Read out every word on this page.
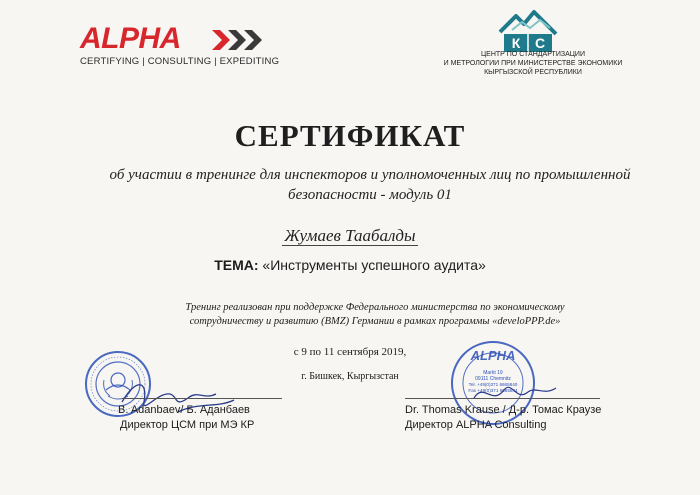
ALPHA
CERTIFYING | CONSULTING | EXPEDITING
К С
ЦЕНТР ПО СТАНДАРТИЗАЦИИ
И МЕТРОЛОГИИ ПРИ МИНИСТЕРСТВЕ ЭКОНОМИКИ
КЫРГЫЗСКОЙ РЕСПУБЛИКИ
СЕРТИФИКАТ
об участии в тренинге для инспекторов и уполномоченных лиц по промышленной безопасности - модуль 01
Жумаев Таабалды
ТЕМА: «Инструменты успешного аудита»
Тренинг реализован при поддержке Федерального министерства по экономическому сотрудничеству и развитию (BMZ) Германии в рамках программы «develoPPP.de»
с 9 по 11 сентября 2019,
г. Бишкек, Кыргызстан
B. Adanbaev/ Б. Аданбаев
Директор ЦСМ при МЭ КР
ALPHA
Markt 19
09111 Chemnitz
Tel. +49(0)371 6665840
Fax +49(0)371 6665844
Dr. Thomas Krause / Д-р. Томас Краузе
Директор ALPHA Consulting
